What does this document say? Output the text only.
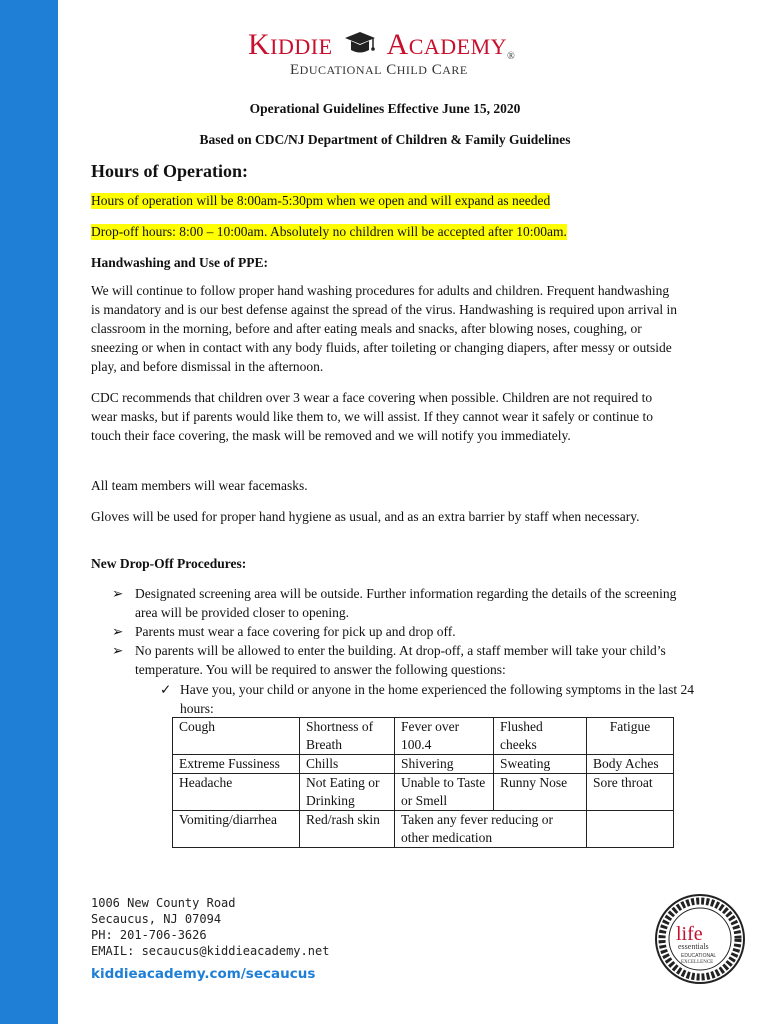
KIDDIE ACADEMY®
EDUCATIONAL CHILD CARE
Operational Guidelines Effective June 15, 2020
Based on CDC/NJ Department of Children & Family Guidelines
Hours of Operation:
Hours of operation will be 8:00am-5:30pm when we open and will expand as needed
Drop-off hours: 8:00 – 10:00am. Absolutely no children will be accepted after 10:00am.
Handwashing and Use of PPE:
We will continue to follow proper hand washing procedures for adults and children. Frequent handwashing is mandatory and is our best defense against the spread of the virus. Handwashing is required upon arrival in classroom in the morning, before and after eating meals and snacks, after blowing noses, coughing, or sneezing or when in contact with any body fluids, after toileting or changing diapers, after messy or outside play, and before dismissal in the afternoon.
CDC recommends that children over 3 wear a face covering when possible. Children are not required to wear masks, but if parents would like them to, we will assist. If they cannot wear it safely or continue to touch their face covering, the mask will be removed and we will notify you immediately.
All team members will wear facemasks.
Gloves will be used for proper hand hygiene as usual, and as an extra barrier by staff when necessary.
New Drop-Off Procedures:
➢ Designated screening area will be outside. Further information regarding the details of the screening area will be provided closer to opening.
➢ Parents must wear a face covering for pick up and drop off.
➢ No parents will be allowed to enter the building. At drop-off, a staff member will take your child’s temperature. You will be required to answer the following questions:
✓ Have you, your child or anyone in the home experienced the following symptoms in the last 24 hours:
Cough	Shortness of Breath	Fever over 100.4	Flushed cheeks	Fatigue
Extreme Fussiness	Chills	Shivering	Sweating	Body Aches
Headache	Not Eating or Drinking	Unable to Taste or Smell	Runny Nose	Sore throat
Vomiting/diarrhea	Red/rash skin	Taken any fever reducing or other medication		
1006 New County Road
Secaucus, NJ 07094
PH: 201-706-3626
EMAIL: secaucus@kiddieacademy.net
kiddieacademy.com/secaucus
life
essentials
EDUCATIONAL
EXCELLENCE
